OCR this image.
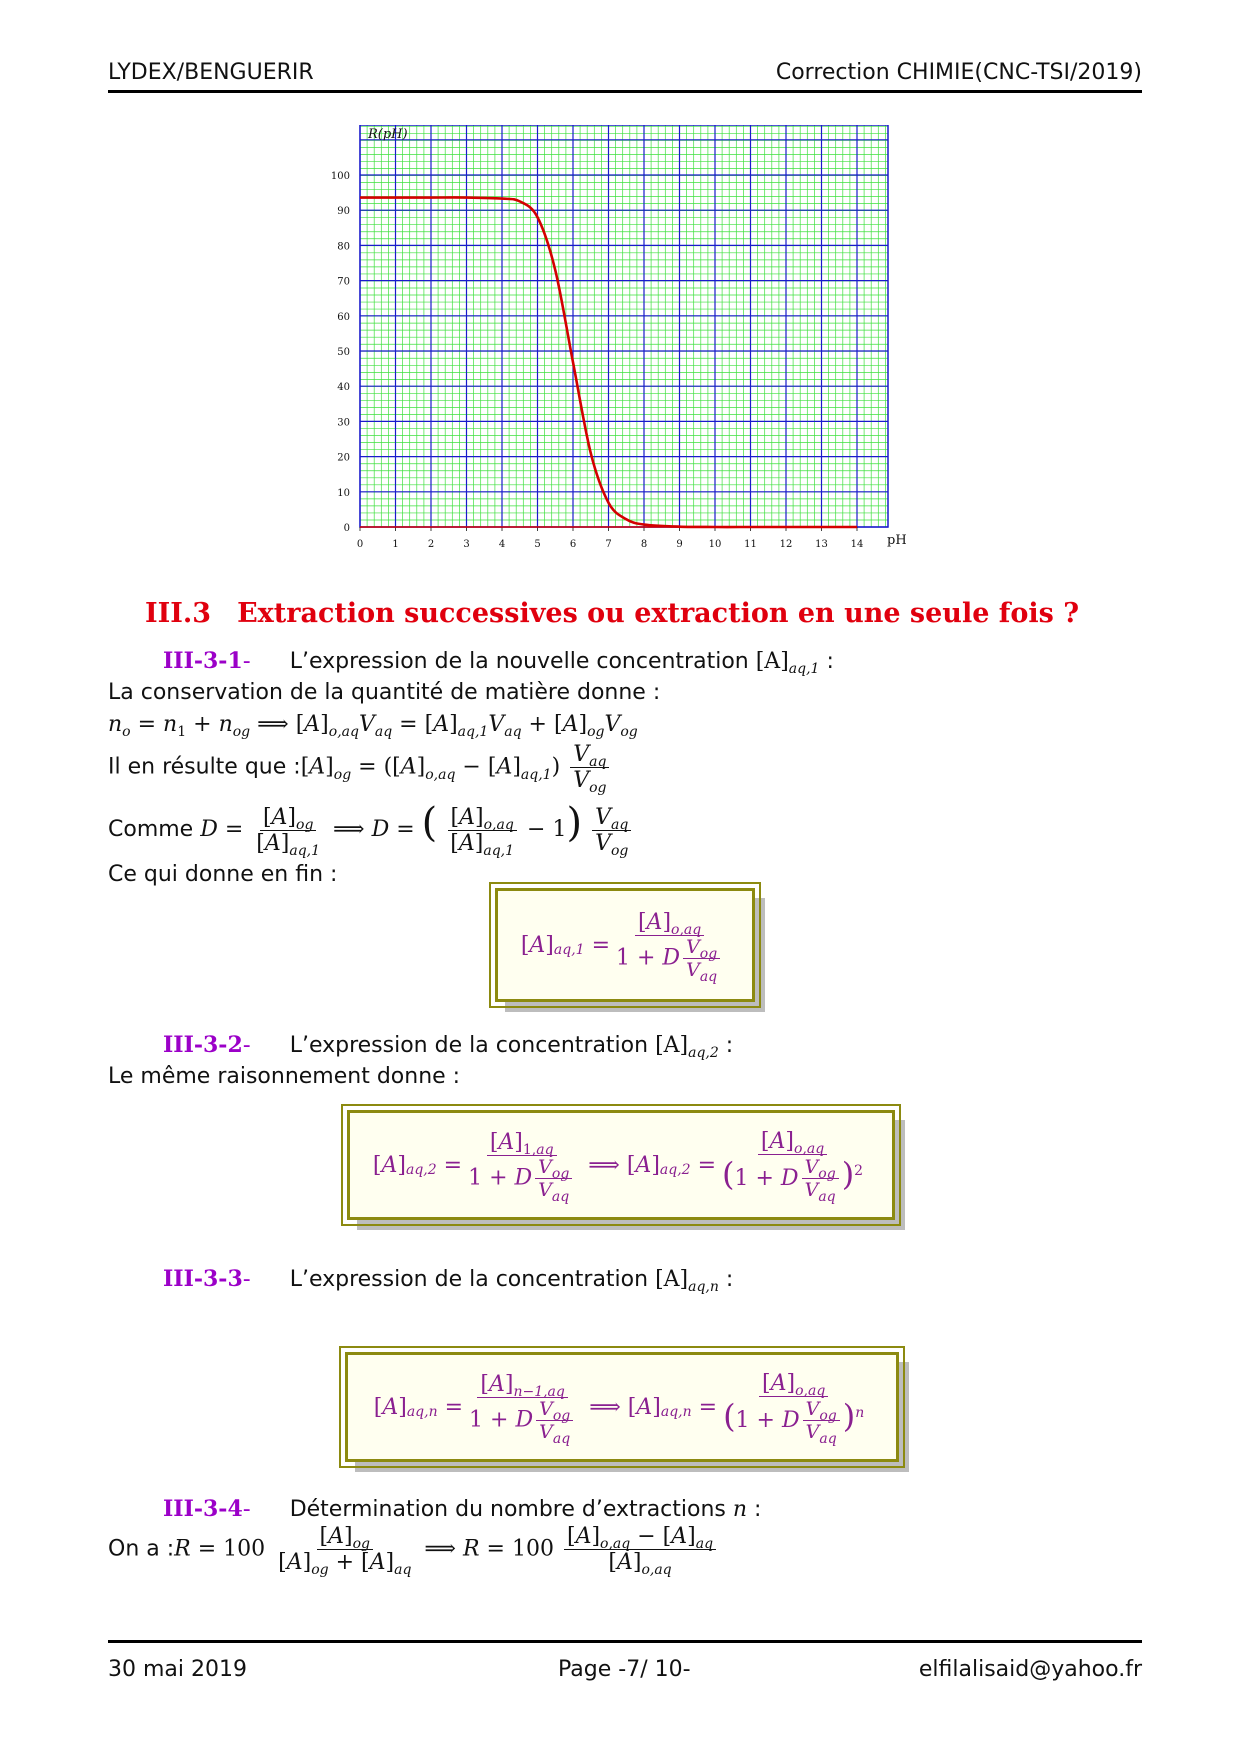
LYDEX/BENGUERIR	Correction CHIMIE(CNC-TSI/2019)
0	1	2	3	4	5	6	7	8	9	10 11 12 13 14
0
10
20
30
40
50
60
70
80
90
100
R(pH)
pH
III.3 Extraction successives ou extraction en une seule fois ?
III-3-1- L’expression de la nouvelle concentration $[A]_{aq,1}$ :
La conservation de la quantité de matière donne :
$n_o = n_1 + n_{og}$ ⟹ $[A]_{o,aq}V_{aq} = [A]_{aq,1}V_{aq} + [A]_{og}V_{og}$
Il en résulte que $:[A]_{og} = ([A]_{o,aq} - [A]_{aq,1}) \frac{V_{aq}}{V_{og}}$
Comme $D = \frac{[A]_{og}}{[A]_{aq,1}}$ ⟹ D = ( $\frac{[A]_{o,aq}}{[A]_{aq,1}} - 1) \frac{V_{aq}}{V_{og}}$
Ce qui donne en fin :
[ A ] aq,1
= $\frac{[A]_{o,aq}}{1 + D \frac{V_{og}}{V_{aq}}}$
III-3-2- L’expression de la concentration $[A]_{aq,2}$ :
Le même raisonnement donne :
[ A ] aq,2
= $\frac{[A]_{1,aq}}{1 + D \frac{V_{og}}{V_{aq}}}$
⟹
[ A ] aq,2
= $\frac{[A]_{o,aq}}{(1 + D \frac{V_{og}}{V_{aq}} )^2}$
III-3-3- L’expression de la concentration $[A]_{aq,n}$ :
[ A ] aq,n
= $\frac{[A]_{n-1,aq}}{1 + D \frac{V_{og}}{V_{aq}}}$
⟹
[ A ] aq,n
= $\frac{[A]_{o,aq}}{(1 + D \frac{V_{og}}{V_{aq}} )^n}$
III-3-4- Détermination du nombre d’extractions n :
On a :R = $100 \frac{[A]_{og}}{[A]_{og} + [A]_{aq}}$ ⟹ $R = 100 \frac{[A]_{o,aq} - [A]_{aq}}{[A]_{o,aq}}$
30 mai 2019	Page -7/ 10-	elfilalisaid@yahoo.fr
